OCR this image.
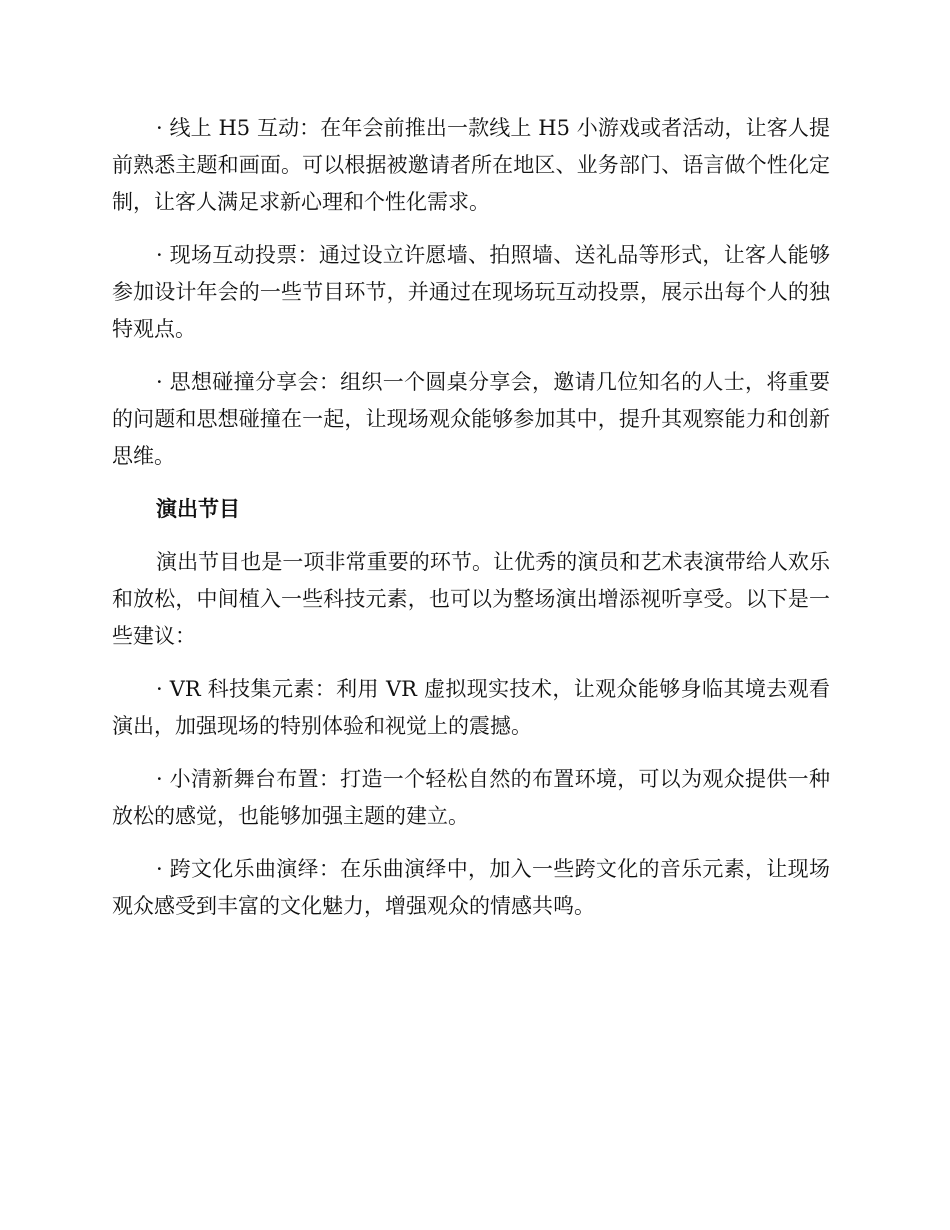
· 线上 H5 互动：在年会前推出一款线上 H5 小游戏或者活动，让客人提前熟悉主题和画面。可以根据被邀请者所在地区、业务部门、语言做个性化定制，让客人满足求新心理和个性化需求。

· 现场互动投票：通过设立许愿墙、拍照墙、送礼品等形式，让客人能够参加设计年会的一些节目环节，并通过在现场玩互动投票，展示出每个人的独特观点。

· 思想碰撞分享会：组织一个圆桌分享会，邀请几位知名的人士，将重要的问题和思想碰撞在一起，让现场观众能够参加其中，提升其观察能力和创新思维。

演出节目

演出节目也是一项非常重要的环节。让优秀的演员和艺术表演带给人欢乐和放松，中间植入一些科技元素，也可以为整场演出增添视听享受。以下是一些建议：

· VR 科技集元素：利用 VR 虚拟现实技术，让观众能够身临其境去观看演出，加强现场的特别体验和视觉上的震撼。

· 小清新舞台布置：打造一个轻松自然的布置环境，可以为观众提供一种放松的感觉，也能够加强主题的建立。

· 跨文化乐曲演绎：在乐曲演绎中，加入一些跨文化的音乐元素，让现场观众感受到丰富的文化魅力，增强观众的情感共鸣。
